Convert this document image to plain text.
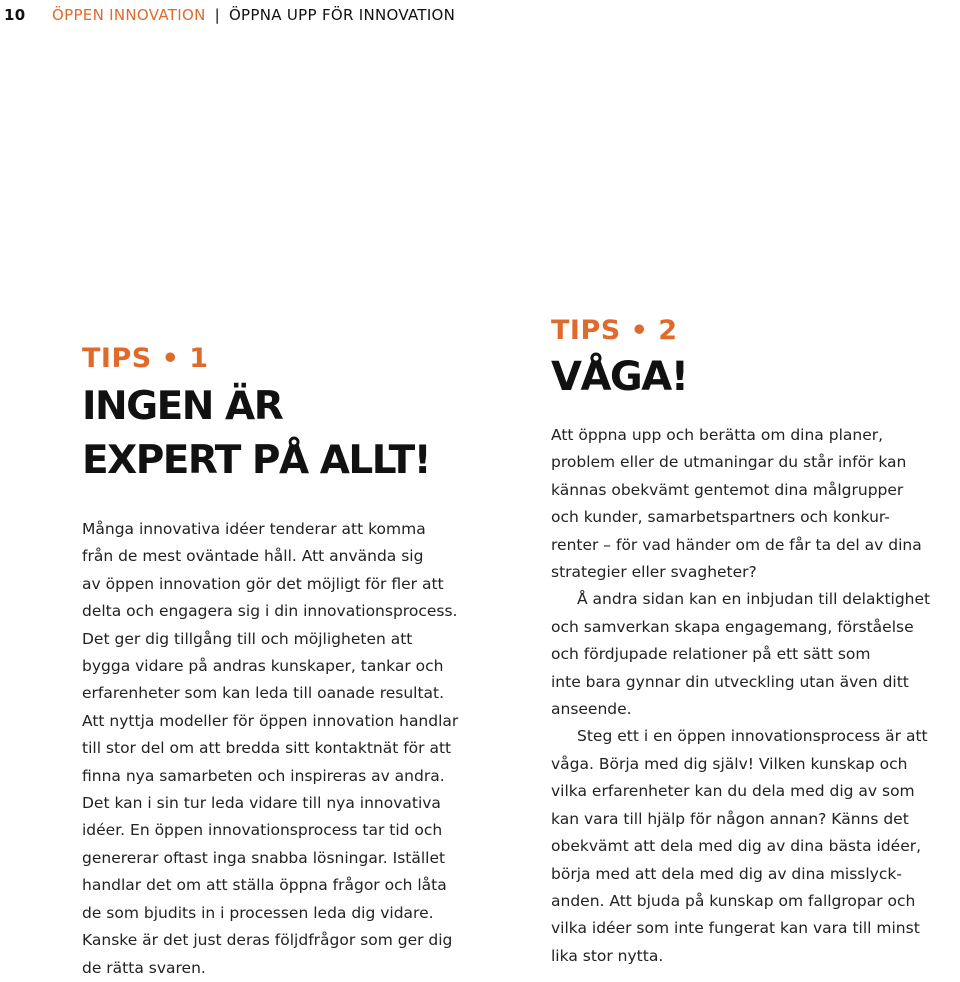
10	ÖPPEN INNOVATION | ÖPPNA UPP FÖR INNOVATION
TIPS • 1
INGEN ÄR
EXPERT PÅ ALLT!
Många innovativa idéer tenderar att komma
från de mest oväntade håll. Att använda sig
av öppen innovation gör det möjligt för fler att
delta och engagera sig i din innovationsprocess.
Det ger dig tillgång till och möjligheten att
bygga vidare på andras kunskaper, tankar och
erfarenheter som kan leda till oanade resultat.
Att nyttja modeller för öppen innovation handlar
till stor del om att bredda sitt kontaktnät för att
finna nya samarbeten och inspireras av andra.
Det kan i sin tur leda vidare till nya innovativa
idéer. En öppen innovationsprocess tar tid och
genererar oftast inga snabba lösningar. Istället
handlar det om att ställa öppna frågor och låta
de som bjudits in i processen leda dig vidare.
Kanske är det just deras följdfrågor som ger dig
de rätta svaren.
TIPS • 2
VÅGA!
Att öppna upp och berätta om dina planer,
problem eller de utmaningar du står inför kan
kännas obekvämt gentemot dina målgrupper
och kunder, samarbetspartners och konkur-
renter – för vad händer om de får ta del av dina
strategier eller svagheter?
Å andra sidan kan en inbjudan till delaktighet
och samverkan skapa engagemang, förståelse
och fördjupade relationer på ett sätt som
inte bara gynnar din utveckling utan även ditt
anseende.
Steg ett i en öppen innovationsprocess är att
våga. Börja med dig själv! Vilken kunskap och
vilka erfarenheter kan du dela med dig av som
kan vara till hjälp för någon annan? Känns det
obekvämt att dela med dig av dina bästa idéer,
börja med att dela med dig av dina misslyck-
anden. Att bjuda på kunskap om fallgropar och
vilka idéer som inte fungerat kan vara till minst
lika stor nytta.
